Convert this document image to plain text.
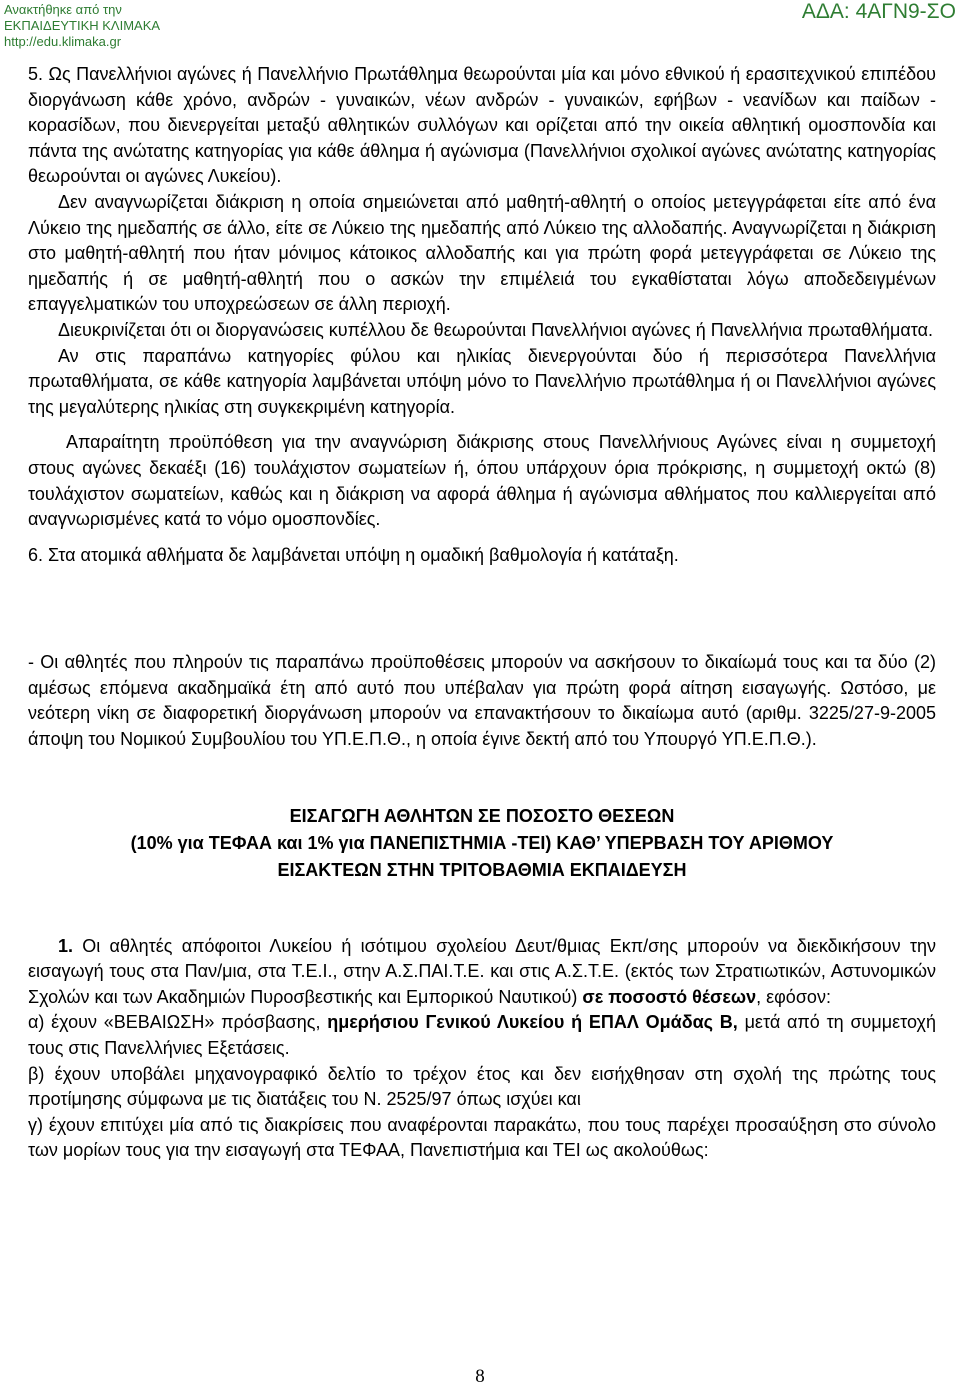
Ανακτήθηκε από την
ΕΚΠΑΙΔΕΥΤΙΚΗ ΚΛΙΜΑΚΑ
http://edu.klimaka.gr
ΑΔΑ: 4ΑΓΝ9-ΣΟ

5. Ως Πανελλήνιοι αγώνες ή Πανελλήνιο Πρωτάθλημα θεωρούνται μία και μόνο εθνικού ή ερασιτεχνικού επιπέδου διοργάνωση κάθε χρόνο, ανδρών - γυναικών, νέων ανδρών - γυναικών, εφήβων - νεανίδων και παίδων - κορασίδων, που διενεργείται μεταξύ αθλητικών συλλόγων και ορίζεται από την οικεία αθλητική ομοσπονδία και πάντα της ανώτατης κατηγορίας για κάθε άθλημα ή αγώνισμα (Πανελλήνιοι σχολικοί αγώνες ανώτατης κατηγορίας θεωρούνται οι αγώνες Λυκείου).

Δεν αναγνωρίζεται διάκριση η οποία σημειώνεται από μαθητή-αθλητή ο οποίος μετεγγράφεται είτε από ένα Λύκειο της ημεδαπής σε άλλο, είτε σε Λύκειο της ημεδαπής από Λύκειο της αλλοδαπής. Αναγνωρίζεται η διάκριση στο μαθητή-αθλητή που ήταν μόνιμος κάτοικος αλλοδαπής και για πρώτη φορά μετεγγράφεται σε Λύκειο της ημεδαπής ή σε μαθητή-αθλητή που ο ασκών την επιμέλειά του εγκαθίσταται λόγω αποδεδειγμένων επαγγελματικών του υποχρεώσεων σε άλλη περιοχή.

Διευκρινίζεται ότι οι διοργανώσεις κυπέλλου δε θεωρούνται Πανελλήνιοι αγώνες ή Πανελλήνια πρωταθλήματα.

Αν στις παραπάνω κατηγορίες φύλου και ηλικίας διενεργούνται δύο ή περισσότερα Πανελλήνια πρωταθλήματα, σε κάθε κατηγορία λαμβάνεται υπόψη μόνο το Πανελλήνιο πρωτάθλημα ή οι Πανελλήνιοι αγώνες της μεγαλύτερης ηλικίας στη συγκεκριμένη κατηγορία.

Απαραίτητη προϋπόθεση για την αναγνώριση διάκρισης στους Πανελλήνιους Αγώνες είναι η συμμετοχή στους αγώνες δεκαέξι (16) τουλάχιστον σωματείων ή, όπου υπάρχουν όρια πρόκρισης, η συμμετοχή οκτώ (8) τουλάχιστον σωματείων, καθώς και η διάκριση να αφορά άθλημα ή αγώνισμα αθλήματος που καλλιεργείται από αναγνωρισμένες κατά το νόμο ομοσπονδίες.

6. Στα ατομικά αθλήματα δε λαμβάνεται υπόψη η ομαδική βαθμολογία ή κατάταξη.

- Οι αθλητές που πληρούν τις παραπάνω προϋποθέσεις μπορούν να ασκήσουν το δικαίωμά τους και τα δύο (2) αμέσως επόμενα ακαδημαϊκά έτη από αυτό που υπέβαλαν για πρώτη φορά αίτηση εισαγωγής. Ωστόσο, με νεότερη νίκη σε διαφορετική διοργάνωση μπορούν να επανακτήσουν το δικαίωμα αυτό (αριθμ. 3225/27-9-2005 άποψη του Νομικού Συμβουλίου του ΥΠ.Ε.Π.Θ., η οποία έγινε δεκτή από του Υπουργό ΥΠ.Ε.Π.Θ.).

ΕΙΣΑΓΩΓΗ ΑΘΛΗΤΩΝ ΣΕ ΠΟΣΟΣΤΟ ΘΕΣΕΩΝ

(10% για ΤΕΦΑΑ και 1% για ΠΑΝΕΠΙΣΤΗΜΙΑ -ΤΕΙ) ΚΑΘ’ ΥΠΕΡΒΑΣΗ ΤΟΥ ΑΡΙΘΜΟΥ

ΕΙΣΑΚΤΕΩΝ ΣΤΗΝ ΤΡΙΤΟΒΑΘΜΙΑ ΕΚΠΑΙΔΕΥΣΗ

1. Οι αθλητές απόφοιτοι Λυκείου ή ισότιμου σχολείου Δευτ/θμιας Εκπ/σης μπορούν να διεκδικήσουν την εισαγωγή τους στα Παν/μια, στα Τ.Ε.Ι., στην Α.Σ.ΠΑΙ.Τ.Ε. και στις Α.Σ.Τ.Ε. (εκτός των Στρατιωτικών, Αστυνομικών Σχολών και των Ακαδημιών Πυροσβεστικής και Εμπορικού Ναυτικού) σε ποσοστό θέσεων, εφόσον:

α) έχουν «ΒΕΒΑΙΩΣΗ» πρόσβασης, ημερήσιου Γενικού Λυκείου ή ΕΠΑΛ Ομάδας Β, μετά από τη συμμετοχή τους στις Πανελλήνιες Εξετάσεις.

β) έχουν υποβάλει μηχανογραφικό δελτίο το τρέχον έτος και δεν εισήχθησαν στη σχολή της πρώτης τους προτίμησης σύμφωνα με τις διατάξεις του Ν. 2525/97 όπως ισχύει και

γ) έχουν επιτύχει μία από τις διακρίσεις που αναφέρονται παρακάτω, που τους παρέχει προσαύξηση στο σύνολο των μορίων τους για την εισαγωγή στα ΤΕΦΑΑ, Πανεπιστήμια και ΤΕΙ ως ακολούθως:

8
